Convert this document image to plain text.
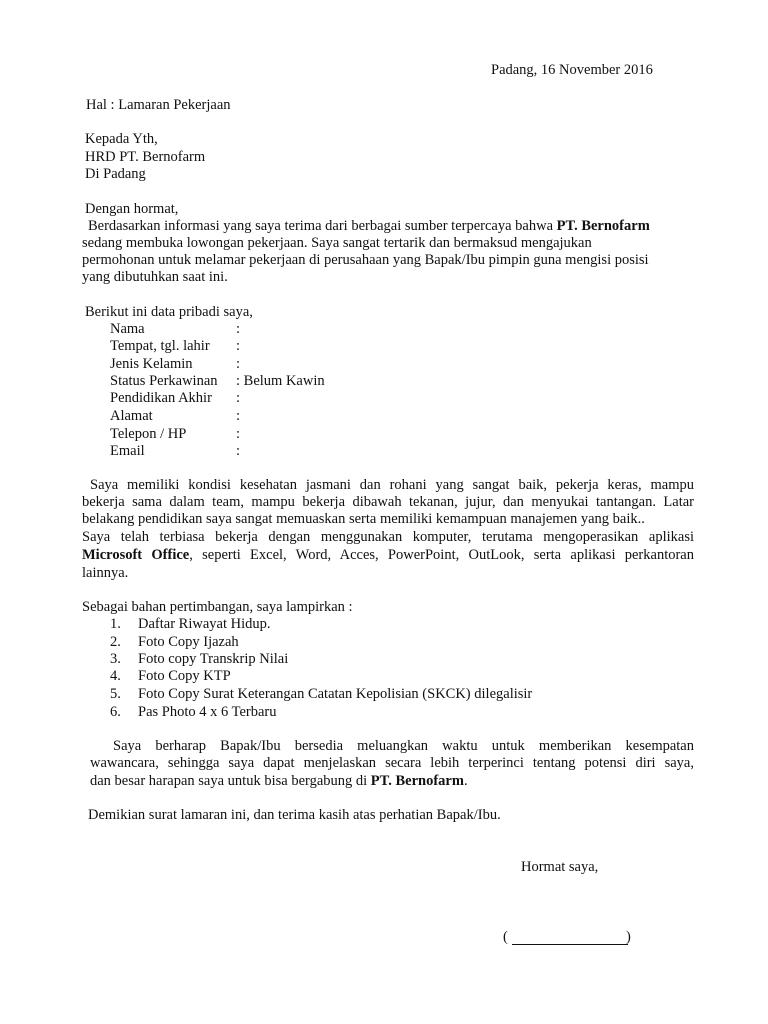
Padang, 16 November 2016
Hal : Lamaran Pekerjaan
Kepada Yth,
HRD PT. Bernofarm
Di Padang
Dengan hormat,
Berdasarkan informasi yang saya terima dari berbagai sumber terpercaya bahwa PT. Bernofarm
sedang membuka lowongan pekerjaan. Saya sangat tertarik dan bermaksud mengajukan
permohonan untuk melamar pekerjaan di perusahaan yang Bapak/Ibu pimpin guna mengisi posisi
yang dibutuhkan saat ini.
Berikut ini data pribadi saya,
Nama	:
Tempat, tgl. lahir :
Jenis Kelamin	:
Status Perkawinan : Belum Kawin
Pendidikan Akhir :
Alamat	:
Telepon / HP	:
Email	:
Saya memiliki kondisi kesehatan jasmani dan rohani yang sangat baik, pekerja keras, mampu
bekerja sama dalam team, mampu bekerja dibawah tekanan, jujur, dan menyukai tantangan. Latar
belakang pendidikan saya sangat memuaskan serta memiliki kemampuan manajemen yang baik..
Saya telah terbiasa bekerja dengan menggunakan komputer, terutama mengoperasikan aplikasi
Microsoft Office, seperti Excel, Word, Acces, PowerPoint, OutLook, serta aplikasi perkantoran
lainnya.
Sebagai bahan pertimbangan, saya lampirkan :
1. Daftar Riwayat Hidup.
2. Foto Copy Ijazah
3. Foto copy Transkrip Nilai
4. Foto Copy KTP
5. Foto Copy Surat Keterangan Catatan Kepolisian (SKCK) dilegalisir
6. Pas Photo 4 x 6 Terbaru
Saya berharap Bapak/Ibu bersedia meluangkan waktu untuk memberikan kesempatan
wawancara, sehingga saya dapat menjelaskan secara lebih terperinci tentang potensi diri saya,
dan besar harapan saya untuk bisa bergabung di PT. Bernofarm.
Demikian surat lamaran ini, dan terima kasih atas perhatian Bapak/Ibu.
Hormat saya,
(	)
